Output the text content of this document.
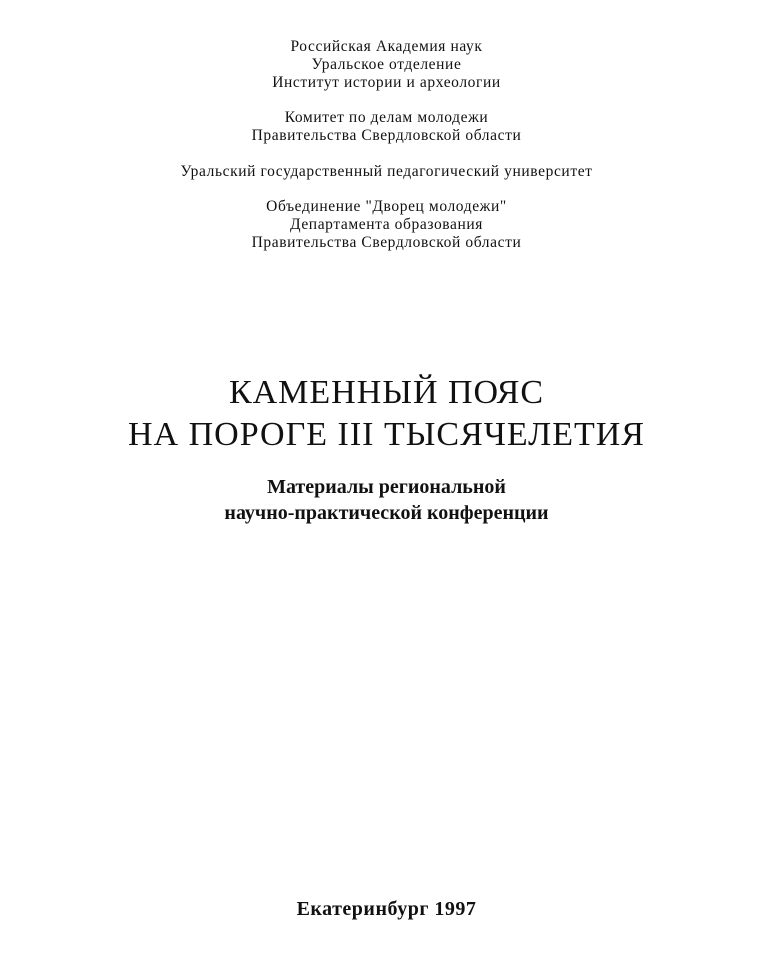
Российская Академия наук
Уральское отделение
Институт истории и археологии
Комитет по делам молодежи
Правительства Свердловской области
Уральский государственный педагогический университет
Объединение "Дворец молодежи"
Департамента образования
Правительства Свердловской области
КАМЕННЫЙ ПОЯС
НА ПОРОГЕ III ТЫСЯЧЕЛЕТИЯ
Материалы региональной
научно-практической конференции
Екатеринбург 1997
